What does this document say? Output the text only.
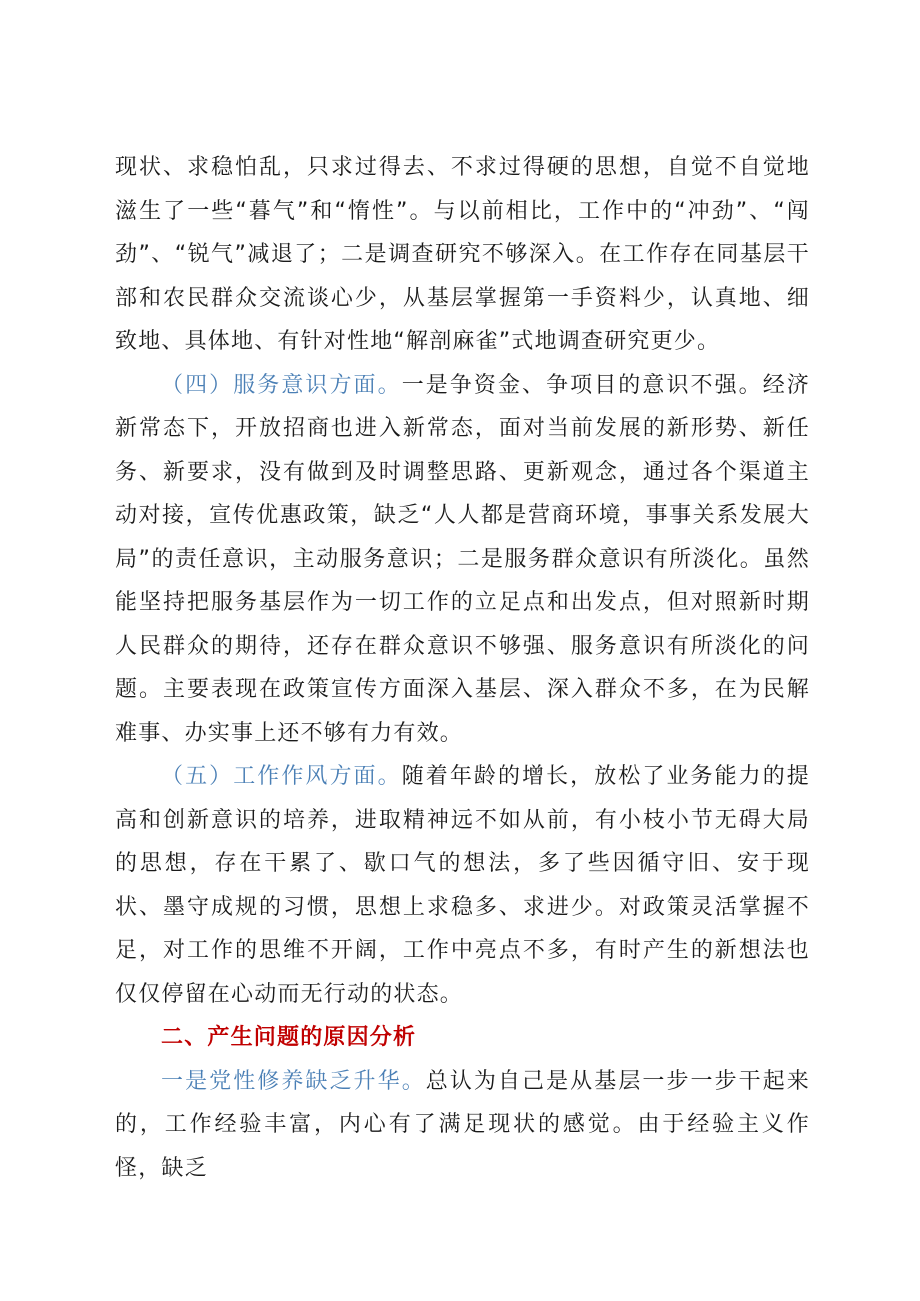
现状、求稳怕乱，只求过得去、不求过得硬的思想，自觉不自觉地滋生了一些“暮气”和“惰性”。与以前相比，工作中的“冲劲”、“闯劲”、“锐气”减退了；二是调查研究不够深入。在工作存在同基层干部和农民群众交流谈心少，从基层掌握第一手资料少，认真地、细致地、具体地、有针对性地“解剖麻雀”式地调查研究更少。

（四）服务意识方面。一是争资金、争项目的意识不强。经济新常态下，开放招商也进入新常态，面对当前发展的新形势、新任务、新要求，没有做到及时调整思路、更新观念，通过各个渠道主动对接，宣传优惠政策，缺乏“人人都是营商环境，事事关系发展大局”的责任意识，主动服务意识；二是服务群众意识有所淡化。虽然能坚持把服务基层作为一切工作的立足点和出发点，但对照新时期人民群众的期待，还存在群众意识不够强、服务意识有所淡化的问题。主要表现在政策宣传方面深入基层、深入群众不多，在为民解难事、办实事上还不够有力有效。

（五）工作作风方面。随着年龄的增长，放松了业务能力的提高和创新意识的培养，进取精神远不如从前，有小枝小节无碍大局的思想，存在干累了、歇口气的想法，多了些因循守旧、安于现状、墨守成规的习惯，思想上求稳多、求进少。对政策灵活掌握不足，对工作的思维不开阔，工作中亮点不多，有时产生的新想法也仅仅停留在心动而无行动的状态。

二、产生问题的原因分析

一是党性修养缺乏升华。总认为自己是从基层一步一步干起来的，工作经验丰富，内心有了满足现状的感觉。由于经验主义作怪，缺乏
